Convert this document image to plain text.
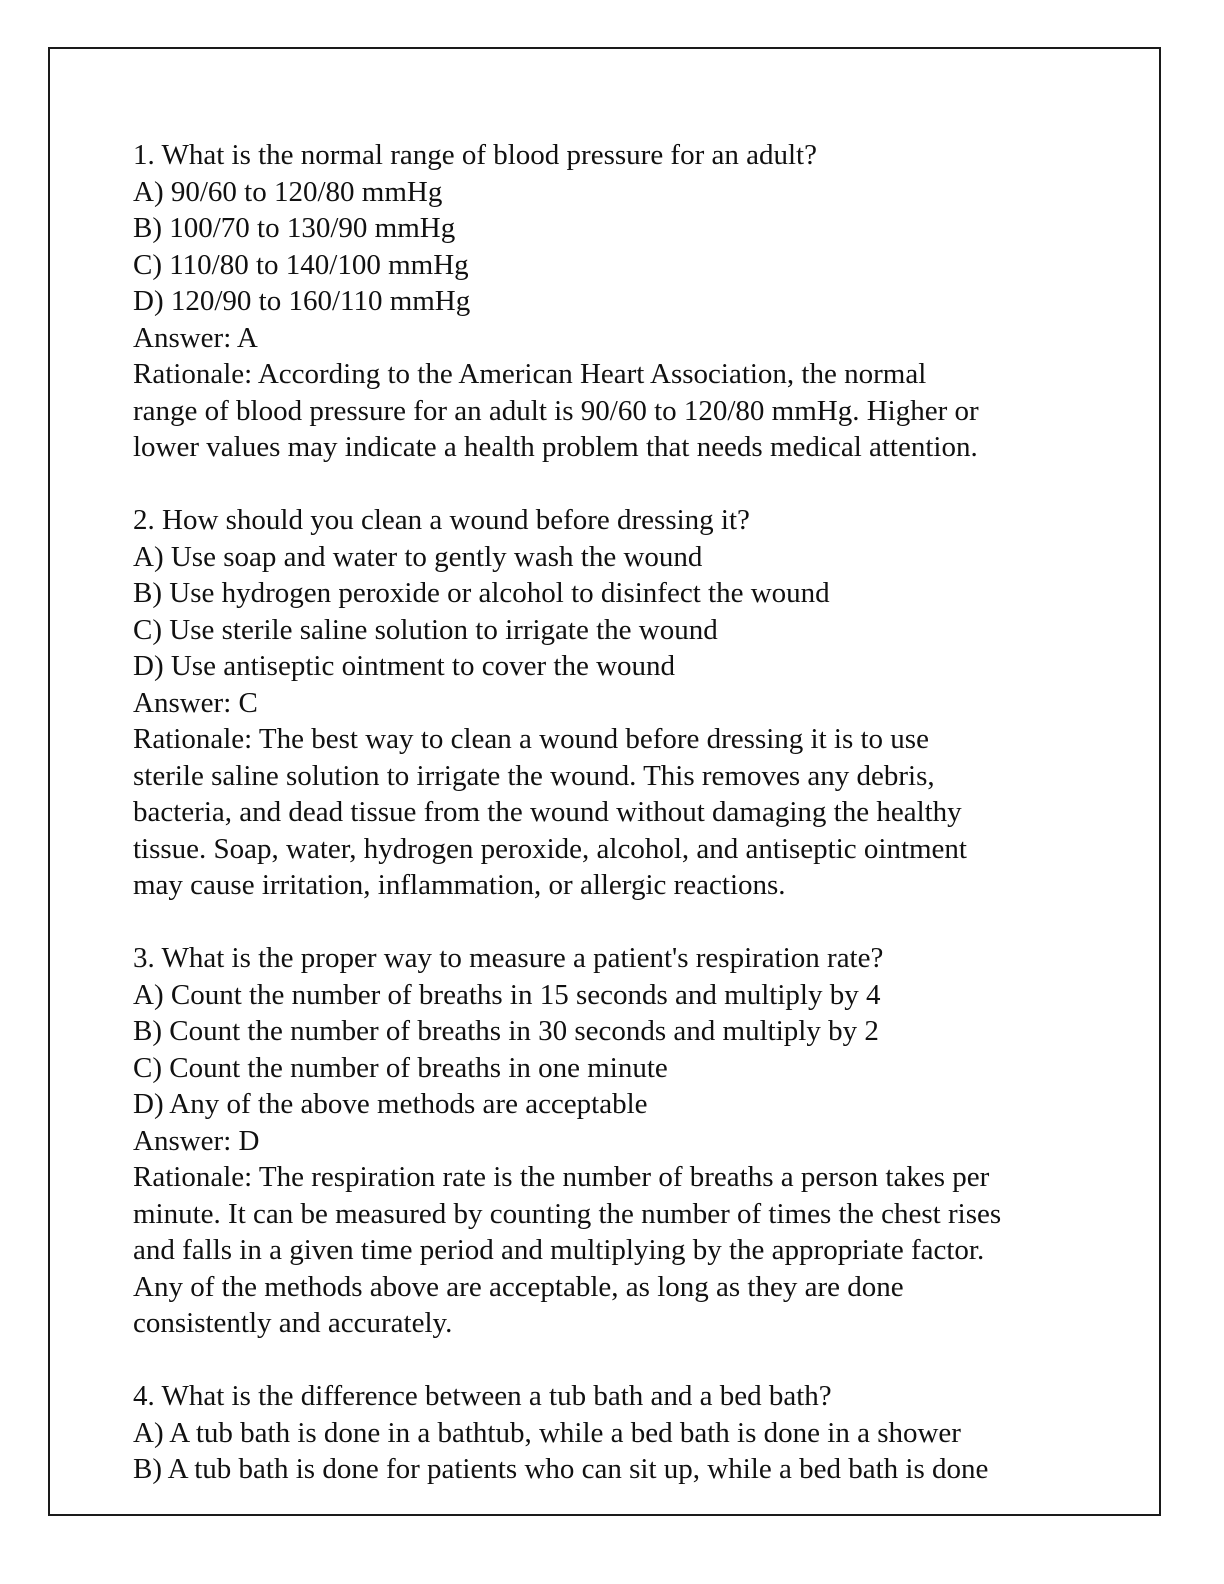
1. What is the normal range of blood pressure for an adult?
A) 90/60 to 120/80 mmHg
B) 100/70 to 130/90 mmHg
C) 110/80 to 140/100 mmHg
D) 120/90 to 160/110 mmHg
Answer: A
Rationale: According to the American Heart Association, the normal
range of blood pressure for an adult is 90/60 to 120/80 mmHg. Higher or
lower values may indicate a health problem that needs medical attention.
2. How should you clean a wound before dressing it?
A) Use soap and water to gently wash the wound
B) Use hydrogen peroxide or alcohol to disinfect the wound
C) Use sterile saline solution to irrigate the wound
D) Use antiseptic ointment to cover the wound
Answer: C
Rationale: The best way to clean a wound before dressing it is to use
sterile saline solution to irrigate the wound. This removes any debris,
bacteria, and dead tissue from the wound without damaging the healthy
tissue. Soap, water, hydrogen peroxide, alcohol, and antiseptic ointment
may cause irritation, inflammation, or allergic reactions.
3. What is the proper way to measure a patient's respiration rate?
A) Count the number of breaths in 15 seconds and multiply by 4
B) Count the number of breaths in 30 seconds and multiply by 2
C) Count the number of breaths in one minute
D) Any of the above methods are acceptable
Answer: D
Rationale: The respiration rate is the number of breaths a person takes per
minute. It can be measured by counting the number of times the chest rises
and falls in a given time period and multiplying by the appropriate factor.
Any of the methods above are acceptable, as long as they are done
consistently and accurately.
4. What is the difference between a tub bath and a bed bath?
A) A tub bath is done in a bathtub, while a bed bath is done in a shower
B) A tub bath is done for patients who can sit up, while a bed bath is done
